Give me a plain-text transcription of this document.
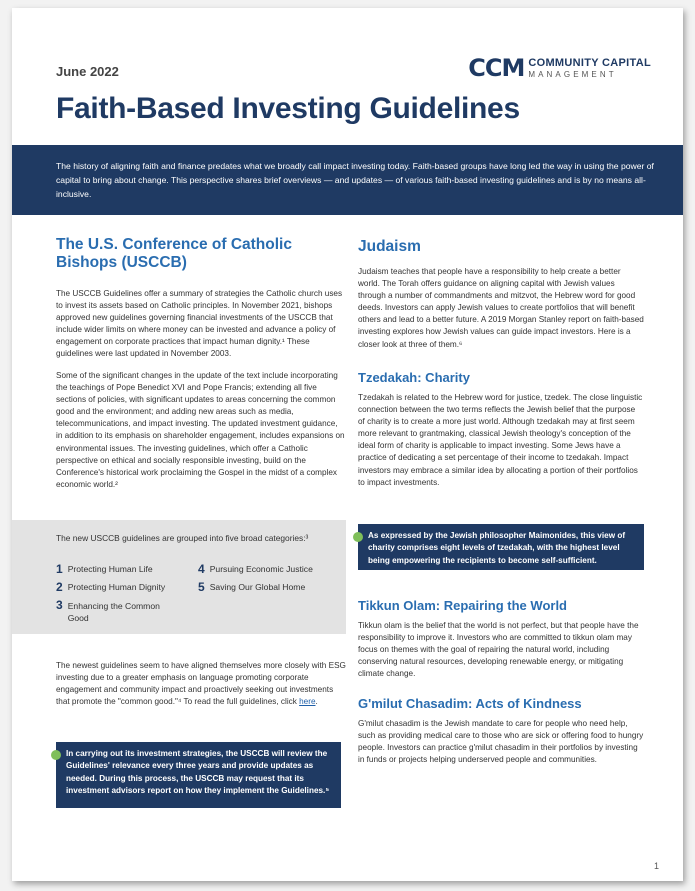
June 2022	CCM COMMUNITY CAPITAL
MANAGEMENT
Faith-Based Investing Guidelines

The history of aligning faith and finance predates what we broadly call impact investing today. Faith-based groups have long led the way in using the power of capital to bring about change. This perspective shares brief overviews — and updates — of various faith-based investing guidelines and is by no means all-inclusive.

The U.S. Conference of Catholic Bishops (USCCB)

The USCCB Guidelines offer a summary of strategies the Catholic church uses to invest its assets based on Catholic principles. In November 2021, bishops approved new guidelines governing financial investments of the USCCB that include wider limits on where money can be invested and advance a policy of engagement on corporate practices that impact human dignity.¹ These guidelines were last updated in November 2003.

Some of the significant changes in the update of the text include incorporating the teachings of Pope Benedict XVI and Pope Francis; extending all five sections of policies, with significant updates to areas concerning the common good and the environment; and adding new areas such as media, telecommunications, and impact investing. The updated investment guidance, in addition to its emphasis on shareholder engagement, includes expansions on environmental issues. The investing guidelines, which offer a Catholic perspective on ethical and socially responsible investing, build on the Conference's historical work proclaiming the Gospel in the midst of a complex economic world.²

The new USCCB guidelines are grouped into five broad categories:³
1 Protecting Human Life
2 Protecting Human Dignity
3 Enhancing the Common Good
4 Pursuing Economic Justice
5 Saving Our Global Home

The newest guidelines seem to have aligned themselves more closely with ESG investing due to a greater emphasis on language promoting corporate engagement and community impact and proactively seeking out investments that promote the "common good."⁴ To read the full guidelines, click here.

In carrying out its investment strategies, the USCCB will review the Guidelines' relevance every three years and provide updates as needed. During this process, the USCCB may request that its investment advisors report on how they implement the Guidelines.⁵

Judaism

Judaism teaches that people have a responsibility to help create a better world. The Torah offers guidance on aligning capital with Jewish values through a number of commandments and mitzvot, the Hebrew word for good deeds. Investors can apply Jewish values to create portfolios that will benefit others and lead to a better future. A 2019 Morgan Stanley report on faith-based investing explores how Jewish values can guide impact investors. Here is a closer look at three of them.⁶

Tzedakah: Charity

Tzedakah is related to the Hebrew word for justice, tzedek. The close linguistic connection between the two terms reflects the Jewish belief that the purpose of charity is to create a more just world. Although tzedakah may at first seem more relevant to grantmaking, classical Jewish theology's conception of the ideal form of charity is applicable to impact investing. Some Jews have a practice of dedicating a set percentage of their income to tzedakah. Impact investors may embrace a similar idea by allocating a portion of their portfolios to impact investments.

As expressed by the Jewish philosopher Maimonides, this view of charity comprises eight levels of tzedakah, with the highest level being empowering the recipients to become self-sufficient.

Tikkun Olam: Repairing the World

Tikkun olam is the belief that the world is not perfect, but that people have the responsibility to improve it. Investors who are committed to tikkun olam may focus on themes with the goal of repairing the natural world, including conserving natural resources, developing renewable energy, or mitigating climate change.

G'milut Chasadim: Acts of Kindness

G'milut chasadim is the Jewish mandate to care for people who need help, such as providing medical care to those who are sick or offering food to hungry people. Investors can practice g'milut chasadim in their portfolios by investing in funds or projects helping underserved people and communities.

1
